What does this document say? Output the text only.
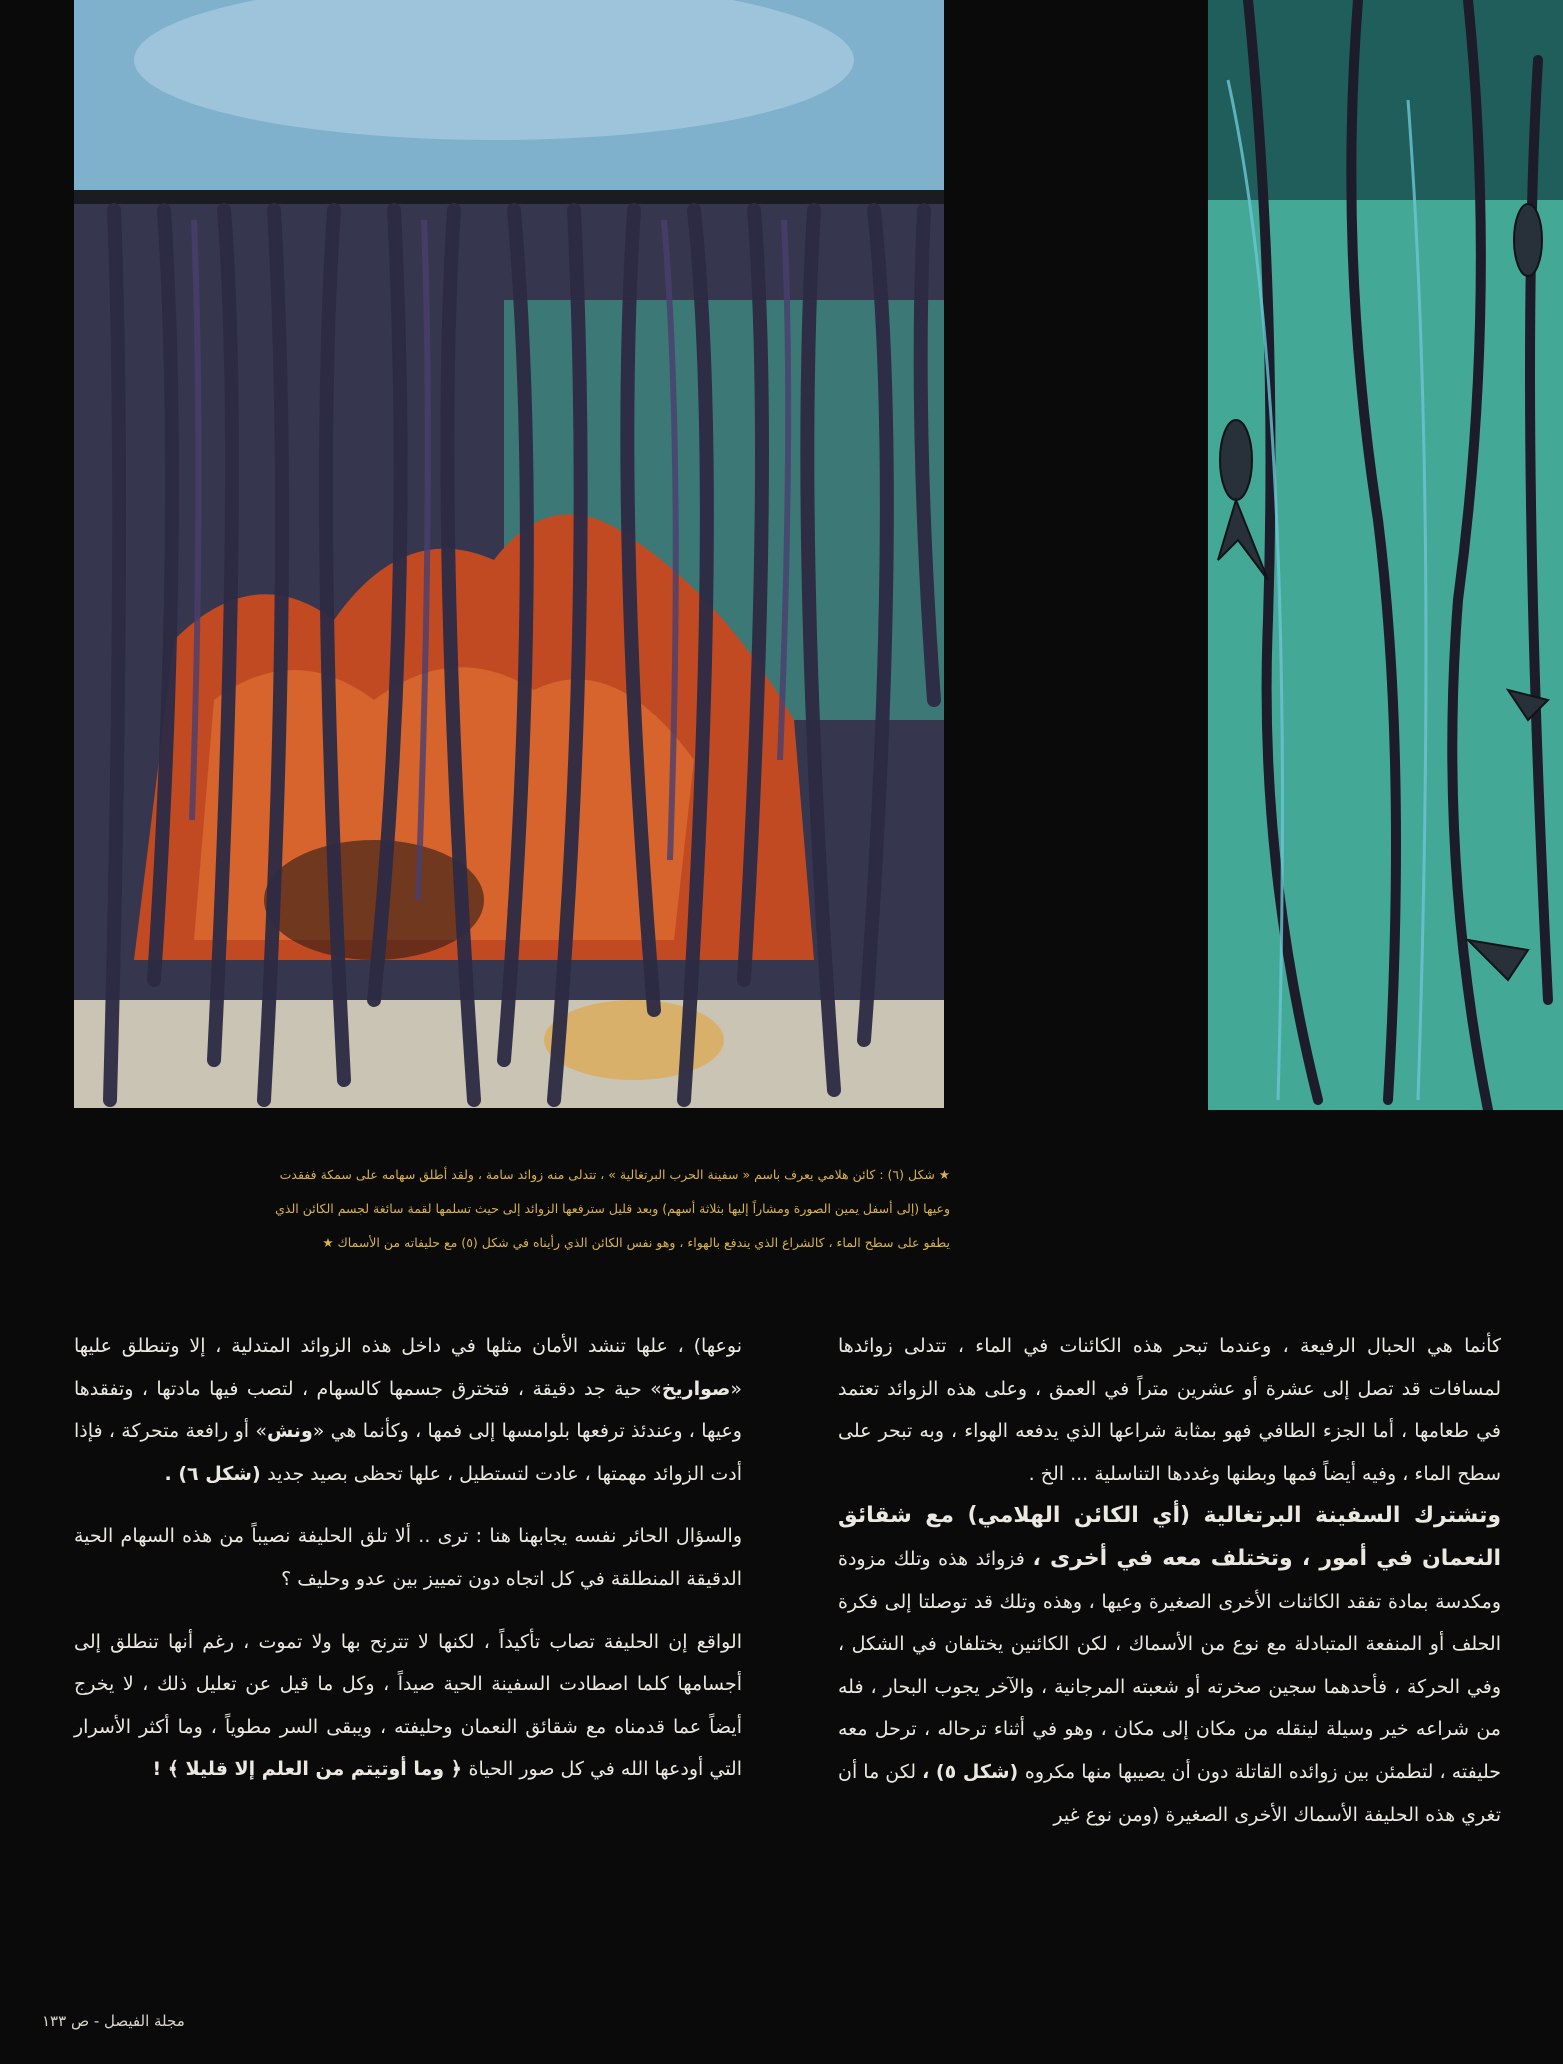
★ شكل (٦) : كائن هلامي يعرف باسم « سفينة الحرب البرتغالية » ، تتدلى منه زوائد سامة ، ولقد أطلق سهامه على سمكة ففقدت

وعيها (إلى أسفل يمين الصورة ومشاراً إليها بثلاثة أسهم) وبعد قليل سترفعها الزوائد إلى حيث تسلمها لقمة سائغة لجسم الكائن الذي

يطفو على سطح الماء ، كالشراع الذي يندفع بالهواء ، وهو نفس الكائن الذي رأيناه في شكل (٥) مع حليفاته من الأسماك ★

كأنما هي الحبال الرفيعة ، وعندما تبحر هذه الكائنات في الماء ، تتدلى زوائدها لمسافات قد تصل إلى عشرة أو عشرين متراً في العمق ، وعلى هذه الزوائد تعتمد في طعامها ، أما الجزء الطافي فهو بمثابة شراعها الذي يدفعه الهواء ، وبه تبحر على سطح الماء ، وفيه أيضاً فمها وبطنها وغددها التناسلية ... الخ .

وتشترك السفينة البرتغالية (أي الكائن الهلامي) مع شقائق النعمان في أمور ، وتختلف معه في أخرى ، فزوائد هذه وتلك مزودة ومكدسة بمادة تفقد الكائنات الأخرى الصغيرة وعيها ، وهذه وتلك قد توصلتا إلى فكرة الحلف أو المنفعة المتبادلة مع نوع من الأسماك ، لكن الكائنين يختلفان في الشكل ، وفي الحركة ، فأحدهما سجين صخرته أو شعبته المرجانية ، والآخر يجوب البحار ، فله من شراعه خير وسيلة لينقله من مكان إلى مكان ، وهو في أثناء ترحاله ، ترحل معه حليفته ، لتطمئن بين زوائده القاتلة دون أن يصيبها منها مكروه (شكل ٥) ، لكن ما أن تغري هذه الحليفة الأسماك الأخرى الصغيرة (ومن نوع غير

نوعها) ، علها تنشد الأمان مثلها في داخل هذه الزوائد المتدلية ، إلا وتنطلق عليها «صواريخ» حية جد دقيقة ، فتخترق جسمها كالسهام ، لتصب فيها مادتها ، وتفقدها وعيها ، وعندئذ ترفعها بلوامسها إلى فمها ، وكأنما هي «ونش» أو رافعة متحركة ، فإذا أدت الزوائد مهمتها ، عادت لتستطيل ، علها تحظى بصيد جديد (شكل ٦) .

والسؤال الحائر نفسه يجابهنا هنا : ترى .. ألا تلق الحليفة نصيباً من هذه السهام الحية الدقيقة المنطلقة في كل اتجاه دون تمييز بين عدو وحليف ؟

الواقع إن الحليفة تصاب تأكيداً ، لكنها لا تترنح بها ولا تموت ، رغم أنها تنطلق إلى أجسامها كلما اصطادت السفينة الحية صيداً ، وكل ما قيل عن تعليل ذلك ، لا يخرج أيضاً عما قدمناه مع شقائق النعمان وحليفته ، ويبقى السر مطوياً ، وما أكثر الأسرار التي أودعها الله في كل صور الحياة ﴿ وما أوتيتم من العلم إلا قليلا ﴾ !

مجلة الفيصل - ص ١٣٣
